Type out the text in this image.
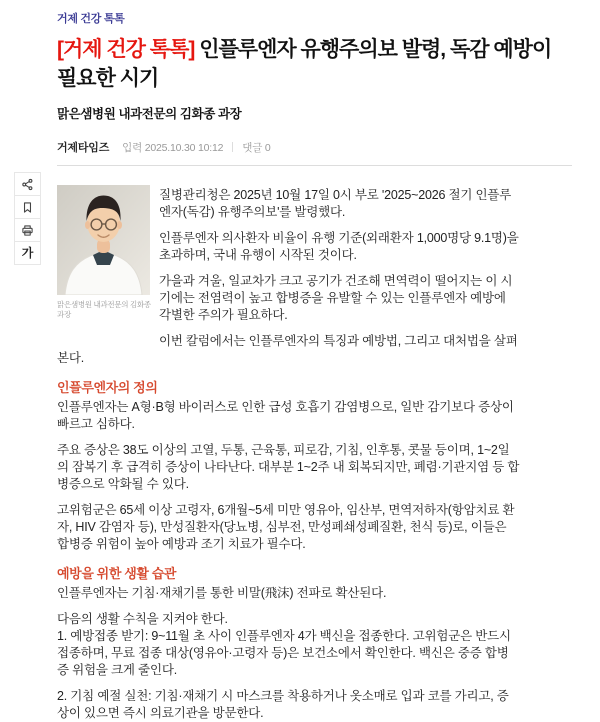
가
거제 건강 톡톡
[거제 건강 톡톡] 인플루엔자 유행주의보 발령, 독감 예방이 필요한 시기

맑은샘병원 내과전문의 김화종 과장

거제타임즈 입력 2025.10.30 10:12 댓글 0
맑은샘병원 내과전문의 김화종 과장

질병관리청은 2025년 10월 17일 0시 부로 '2025~2026 절기 인플루엔자(독감) 유행주의보'를 발령했다.

인플루엔자 의사환자 비율이 유행 기준(외래환자 1,000명당 9.1명)을 초과하며, 국내 유행이 시작된 것이다.

가을과 겨울, 일교차가 크고 공기가 건조해 면역력이 떨어지는 이 시기에는 전염력이 높고 합병증을 유발할 수 있는 인플루엔자 예방에 각별한 주의가 필요하다.

이번 칼럼에서는 인플루엔자의 특징과 예방법, 그리고 대처법을 살펴본다.

인플루엔자의 정의

인플루엔자는 A형·B형 바이러스로 인한 급성 호흡기 감염병으로, 일반 감기보다 증상이 빠르고 심하다.

주요 증상은 38도 이상의 고열, 두통, 근육통, 피로감, 기침, 인후통, 콧물 등이며, 1~2일의 잠복기 후 급격히 증상이 나타난다. 대부분 1~2주 내 회복되지만, 폐렴·기관지염 등 합병증으로 악화될 수 있다.

고위험군은 65세 이상 고령자, 6개월~5세 미만 영유아, 임산부, 면역저하자(항암치료 환자, HIV 감염자 등), 만성질환자(당뇨병, 심부전, 만성폐쇄성폐질환, 천식 등)로, 이들은 합병증 위험이 높아 예방과 조기 치료가 필수다.

예방을 위한 생활 습관

인플루엔자는 기침·재채기를 통한 비말(飛沫) 전파로 확산된다.

다음의 생활 수칙을 지켜야 한다.

1. 예방접종 받기: 9~11월 초 사이 인플루엔자 4가 백신을 접종한다. 고위험군은 반드시 접종하며, 무료 접종 대상(영유아·고령자 등)은 보건소에서 확인한다. 백신은 중증 합병증 위험을 크게 줄인다.

2. 기침 예절 실천: 기침·재채기 시 마스크를 착용하거나 옷소매로 입과 코를 가리고, 증상이 있으면 즉시 의료기관을 방문한다.
